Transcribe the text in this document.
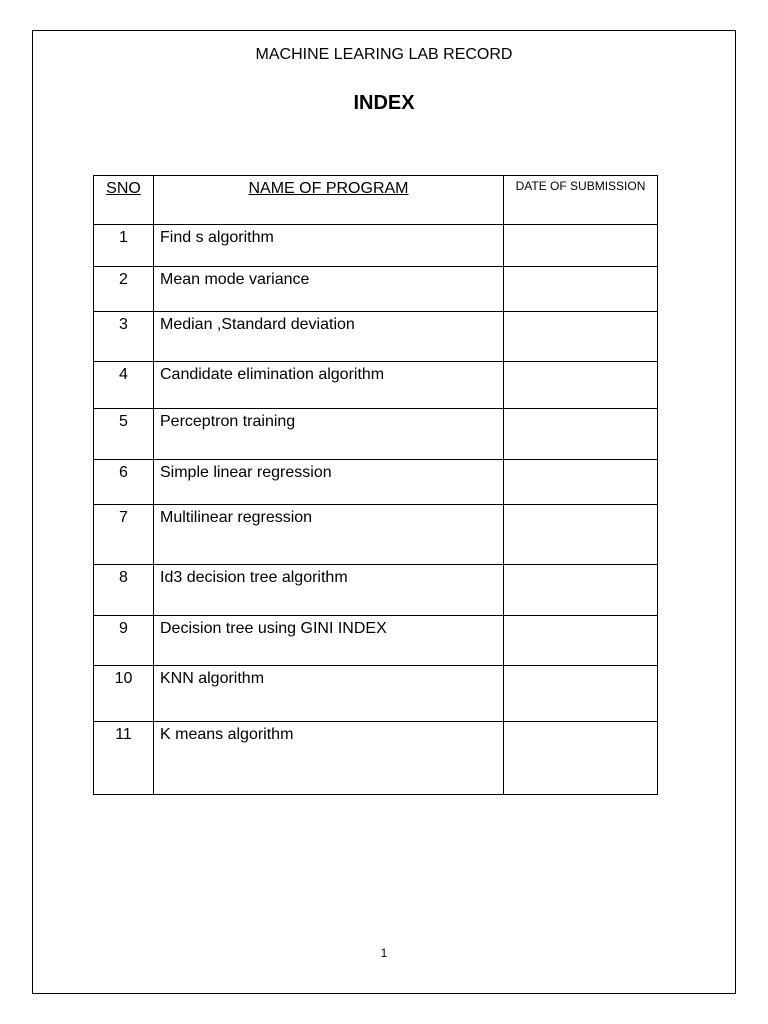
MACHINE LEARING LAB RECORD
INDEX
SNO	NAME OF PROGRAM	DATE OF SUBMISSION

1	Find s algorithm	

2	Mean mode variance	

3	Median ,Standard deviation	

4	Candidate elimination algorithm	

5	Perceptron training	

6	Simple linear regression	

7	Multilinear regression	

8	Id3 decision tree algorithm	

9	Decision tree using GINI INDEX	

10	KNN algorithm	

11	K means algorithm	

1
